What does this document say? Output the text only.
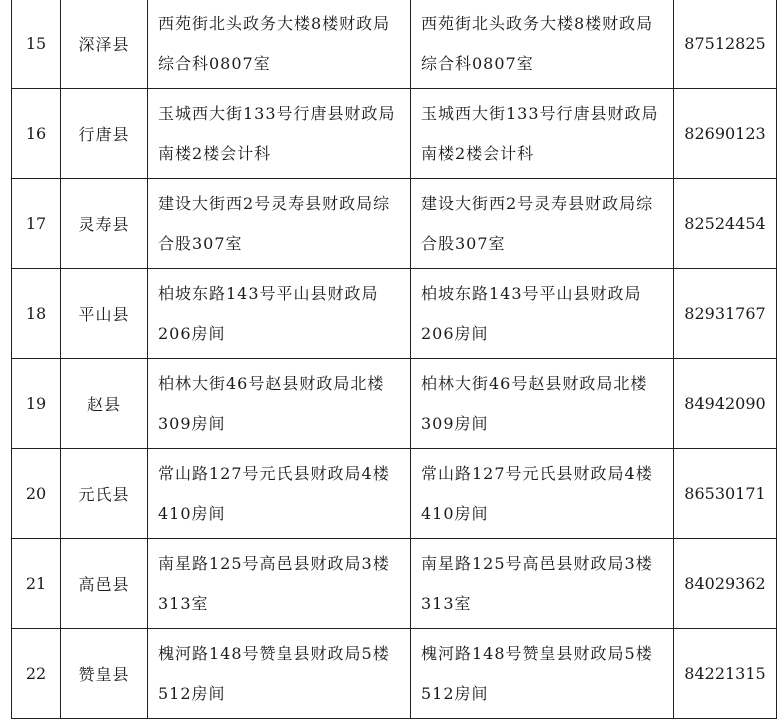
15	深泽县	西苑街北头政务大楼8楼财政局综合科0807室	西苑街北头政务大楼8楼财政局综合科0807室	87512825
16	行唐县	玉城西大街133号行唐县财政局南楼2楼会计科	玉城西大街133号行唐县财政局南楼2楼会计科	82690123
17	灵寿县	建设大街西2号灵寿县财政局综合股307室	建设大街西2号灵寿县财政局综合股307室	82524454
18	平山县	柏坡东路143号平山县财政局206房间	柏坡东路143号平山县财政局206房间	82931767
19	赵县	柏林大街46号赵县财政局北楼309房间	柏林大街46号赵县财政局北楼309房间	84942090
20	元氏县	常山路127号元氏县财政局4楼410房间	常山路127号元氏县财政局4楼410房间	86530171
21	高邑县	南星路125号高邑县财政局3楼313室	南星路125号高邑县财政局3楼313室	84029362
22	赞皇县	槐河路148号赞皇县财政局5楼512房间	槐河路148号赞皇县财政局5楼512房间	84221315
